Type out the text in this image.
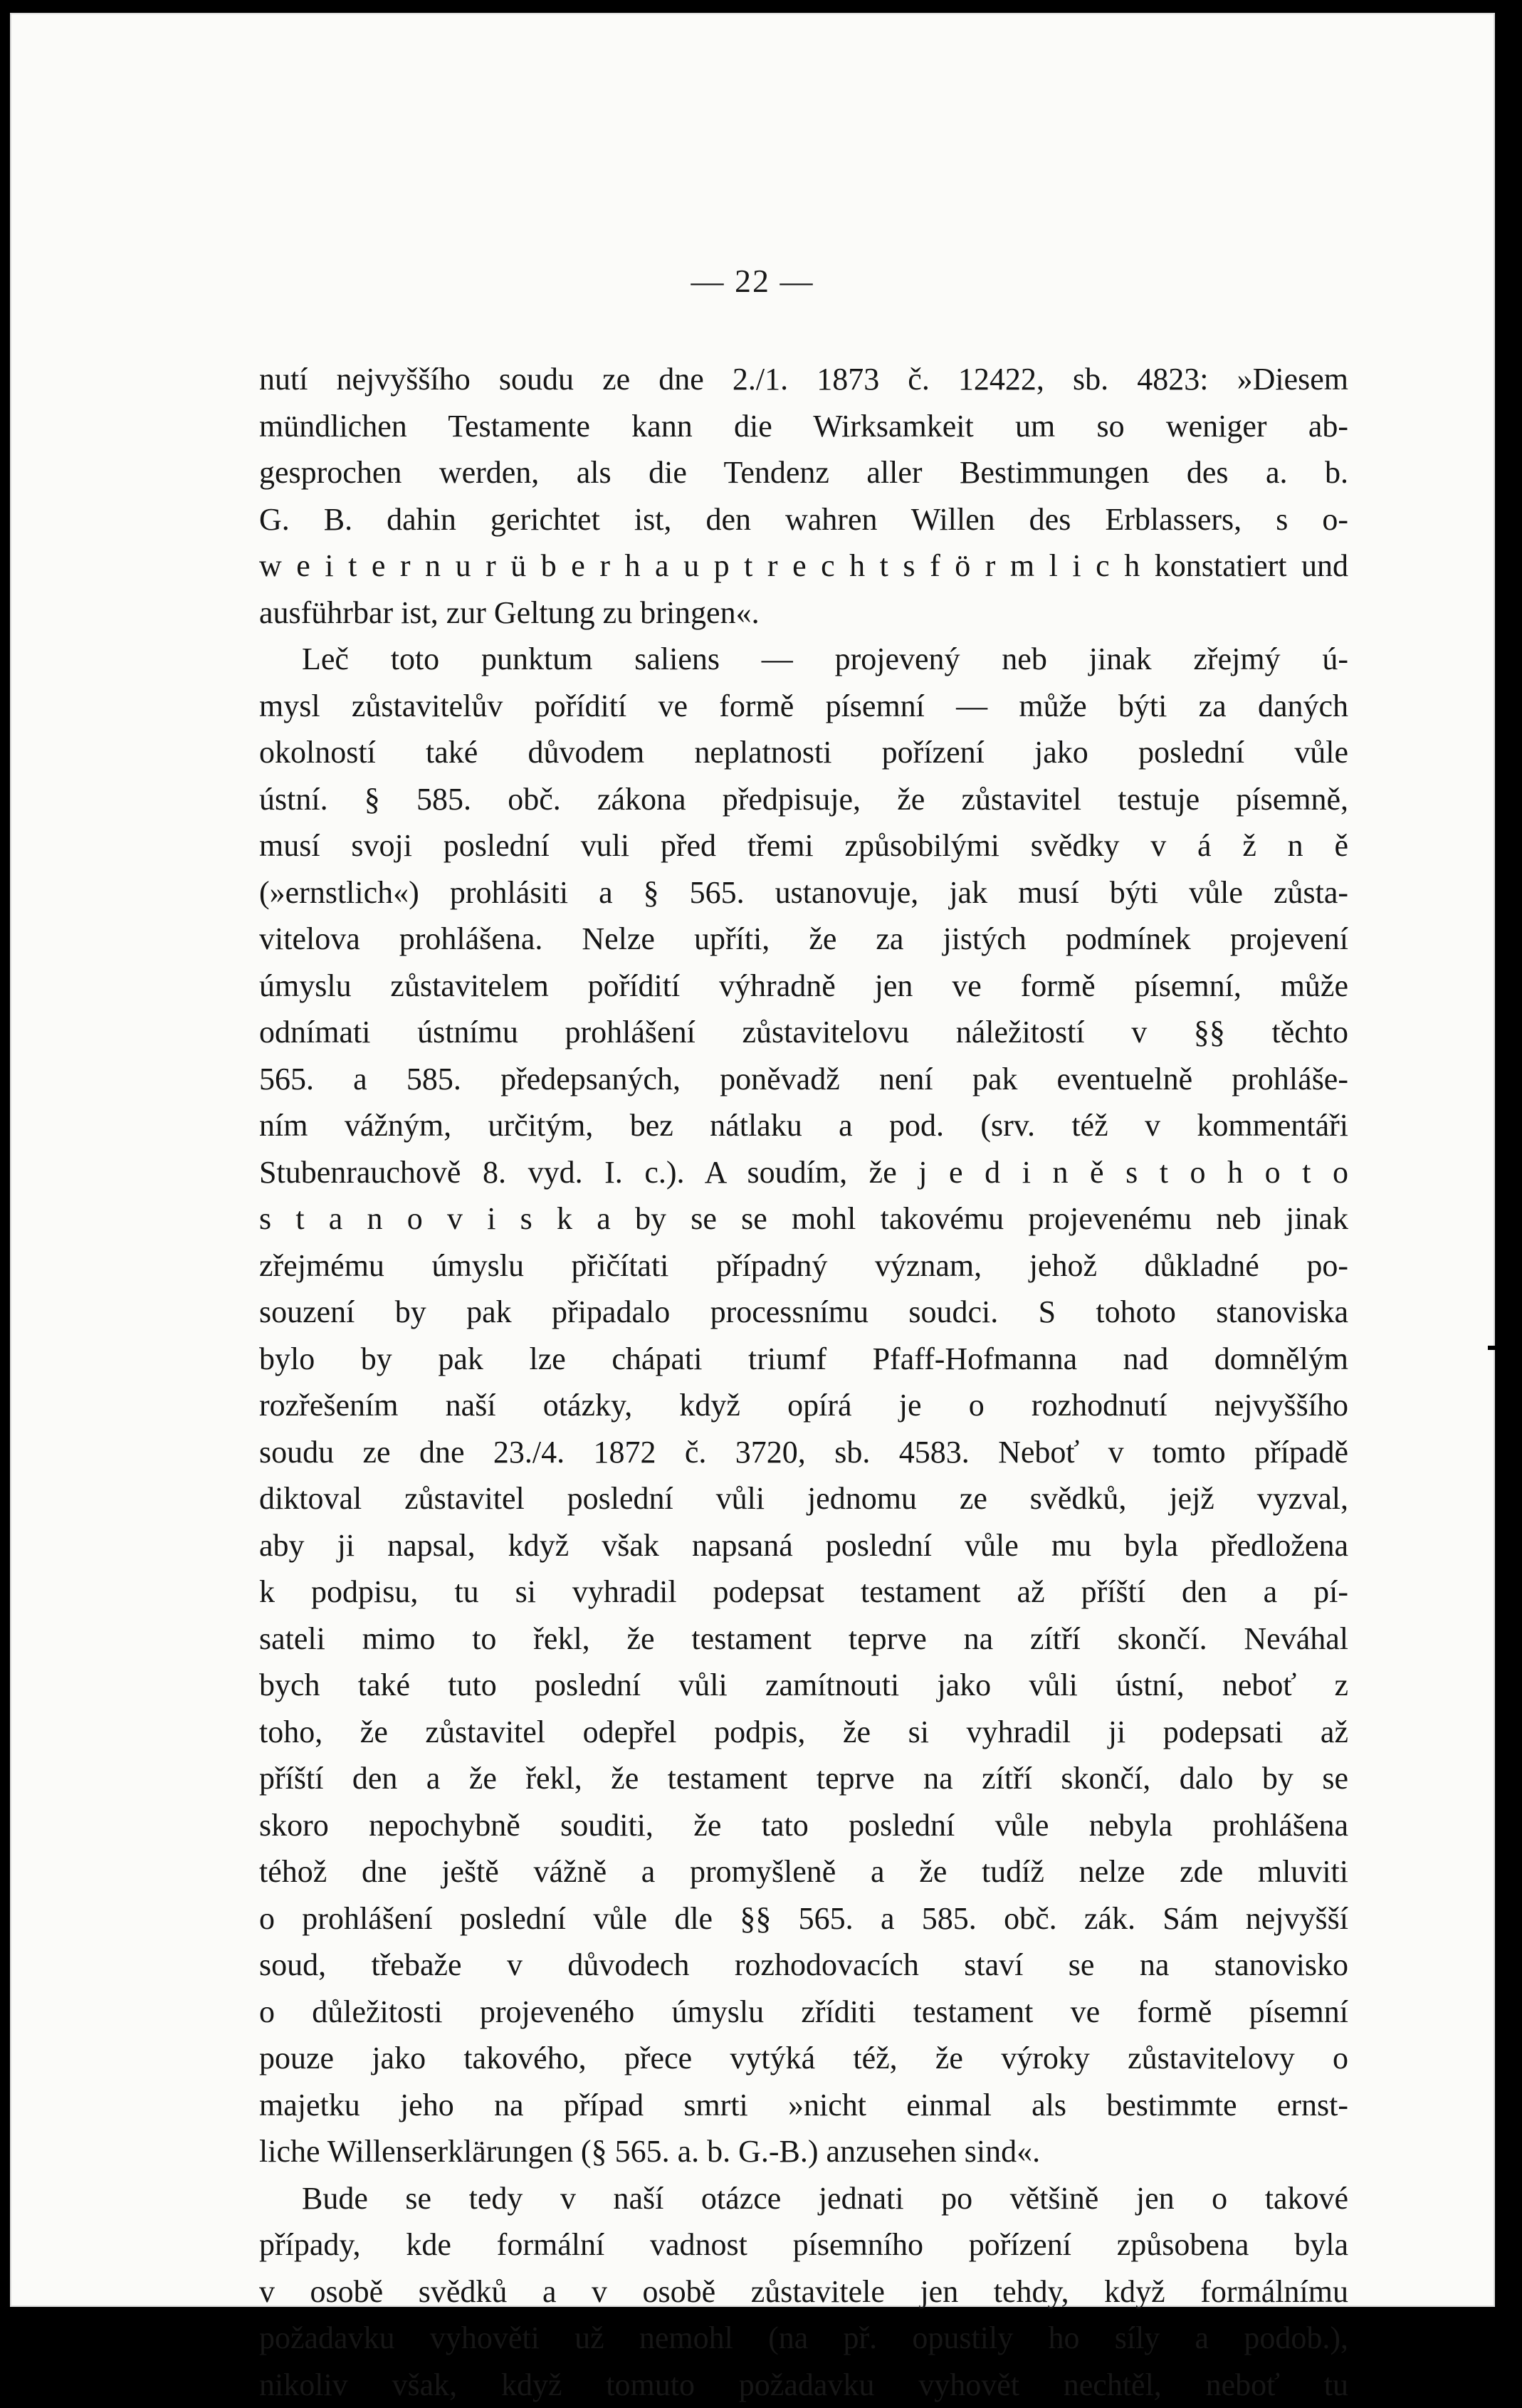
— 22 —
nutí nejvyššího soudu ze dne 2./1. 1873 č. 12422, sb. 4823: »Diesem
mündlichen Testamente kann die Wirksamkeit um so weniger ab-
gesprochen werden, als die Tendenz aller Bestimmungen des a. b.
G. B. dahin gerichtet ist, den wahren Willen des Erblassers, s o-
w e i t e r n u r ü b e r h a u p t r e c h t s f ö r m l i c h konstatiert und
ausführbar ist, zur Geltung zu bringen«.
Leč toto punktum saliens — projevený neb jinak zřejmý ú-
mysl zůstavitelův pořídití ve formě písemní — může býti za daných
okolností také důvodem neplatnosti pořízení jako poslední vůle
ústní. § 585. obč. zákona předpisuje, že zůstavitel testuje písemně,
musí svoji poslední vuli před třemi způsobilými svědky v á ž n ě
(»ernstlich«) prohlásiti a § 565. ustanovuje, jak musí býti vůle zůsta-
vitelova prohlášena. Nelze upříti, že za jistých podmínek projevení
úmyslu zůstavitelem pořídití výhradně jen ve formě písemní, může
odnímati ústnímu prohlášení zůstavitelovu náležitostí v §§ těchto
565. a 585. předepsaných, poněvadž není pak eventuelně prohláše-
ním vážným, určitým, bez nátlaku a pod. (srv. též v kommentáři
Stubenrauchově 8. vyd. I. c.). A soudím, že j e d i n ě s t o h o t o
s t a n o v i s k a by se se mohl takovému projevenému neb jinak
zřejmému úmyslu přičítati případný význam, jehož důkladné po-
souzení by pak připadalo processnímu soudci. S tohoto stanoviska
bylo by pak lze chápati triumf Pfaff-Hofmanna nad domnělým
rozřešením naší otázky, když opírá je o rozhodnutí nejvyššího
soudu ze dne 23./4. 1872 č. 3720, sb. 4583. Neboť v tomto případě
diktoval zůstavitel poslední vůli jednomu ze svědků, jejž vyzval,
aby ji napsal, když však napsaná poslední vůle mu byla předložena
k podpisu, tu si vyhradil podepsat testament až příští den a pí-
sateli mimo to řekl, že testament teprve na zítří skončí. Neváhal
bych také tuto poslední vůli zamítnouti jako vůli ústní, neboť z
toho, že zůstavitel odepřel podpis, že si vyhradil ji podepsati až
příští den a že řekl, že testament teprve na zítří skončí, dalo by se
skoro nepochybně souditi, že tato poslední vůle nebyla prohlášena
téhož dne ještě vážně a promyšleně a že tudíž nelze zde mluviti
o prohlášení poslední vůle dle §§ 565. a 585. obč. zák. Sám nejvyšší
soud, třebaže v důvodech rozhodovacích staví se na stanovisko
o důležitosti projeveného úmyslu zříditi testament ve formě písemní
pouze jako takového, přece vytýká též, že výroky zůstavitelovy o
majetku jeho na případ smrti »nicht einmal als bestimmte ernst-
liche Willenserklärungen (§ 565. a. b. G.-B.) anzusehen sind«.
Bude se tedy v naší otázce jednati po většině jen o takové
případy, kde formální vadnost písemního pořízení způsobena byla
v osobě svědků a v osobě zůstavitele jen tehdy, když formálnímu
požadavku vyhověti už nemohl (na př. opustily ho síly a podob.),
nikoliv však, když tomuto požadavku vyhovět nechtěl, neboť tu
